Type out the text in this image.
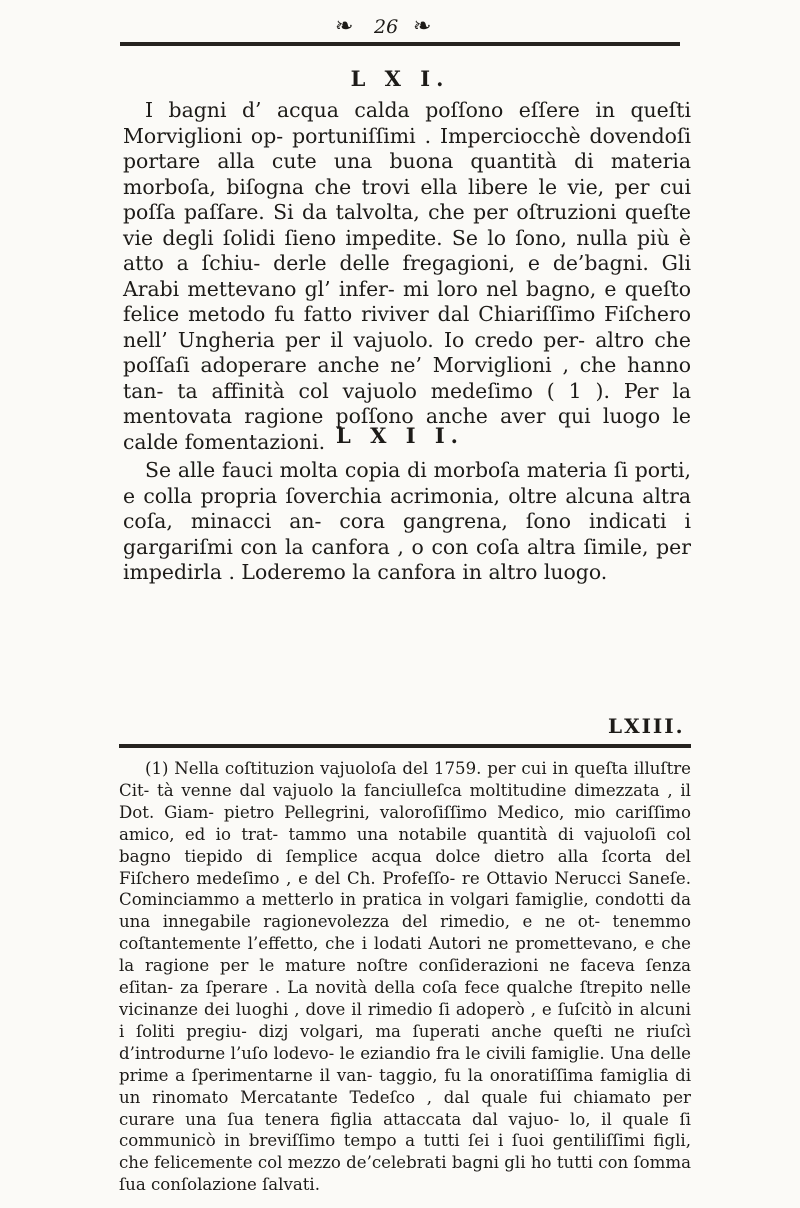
❧ 26 ❧
L X I.

I bagni d’ acqua calda poſſono eſſere in queſti Morviglioni op- portuniſſimi . Imperciocchè dovendoſi portare alla cute una buona quantità di materia morboſa, biſogna che trovi ella libere le vie, per cui poſſa paſſare. Si da talvolta, che per oſtruzioni queſte vie degli ſolidi ſieno impedite. Se lo ſono, nulla più è atto a ſchiu- derle delle fregagioni, e de’bagni. Gli Arabi mettevano gl’ infer- mi loro nel bagno, e queſto felice metodo fu fatto riviver dal Chiariſſimo Fiſchero nell’ Ungheria per il vajuolo. Io credo per- altro che poſſaſi adoperare anche ne’ Morviglioni , che hanno tan- ta affinità col vajuolo medeſimo ( 1 ). Per la mentovata ragione poſſono anche aver qui luogo le calde fomentazioni. L X I I.

Se alle fauci molta copia di morboſa materia ſi porti, e colla propria ſoverchia acrimonia, oltre alcuna altra coſa, minacci an- cora gangrena, ſono indicati i gargariſmi con la canfora , o con coſa altra ſimile, per impedirla . Loderemo la canfora in altro luogo.

LXIII.

(1) Nella coſtituzion vajuoloſa del 1759. per cui in queſta illuſtre Cit- tà venne dal vajuolo la fanciulleſca moltitudine dimezzata , il Dot. Giam- pietro Pellegrini, valoroſiſſimo Medico, mio cariſſimo amico, ed io trat- tammo una notabile quantità di vajuoloſi col bagno tiepido di ſemplice acqua dolce dietro alla ſcorta del Fiſchero medeſimo , e del Ch. Profeſſo- re Ottavio Nerucci Saneſe. Cominciammo a metterlo in pratica in volgari famiglie, condotti da una innegabile ragionevolezza del rimedio, e ne ot- tenemmo coſtantemente l’effetto, che i lodati Autori ne promettevano, e che la ragione per le mature noſtre conſiderazioni ne faceva ſenza eſitan- za ſperare . La novità della coſa fece qualche ſtrepito nelle vicinanze dei luoghi , dove il rimedio ſi adoperò , e ſuſcitò in alcuni i ſoliti pregiu- dizj volgari, ma ſuperati anche queſti ne riuſcì d’introdurne l’uſo lodevo- le eziandio fra le civili famiglie. Una delle prime a ſperimentarne il van- taggio, fu la onoratiſſima famiglia di un rinomato Mercatante Tedeſco , dal quale fui chiamato per curare una ſua tenera figlia attaccata dal vajuo- lo, il quale ſi communicò in breviſſimo tempo a tutti ſei i ſuoi gentiliſſimi figli, che felicemente col mezzo de’celebrati bagni gli ho tutti con ſomma ſua conſolazione ſalvati.
